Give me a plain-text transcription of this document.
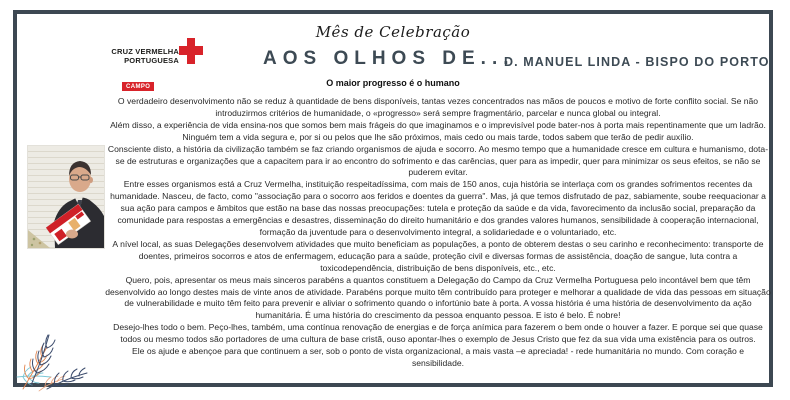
Mês de Celebração
CRUZ VERMELHA
PORTUGUESA
CAMPO
AOS OLHOS DE...
D. MANUEL LINDA - BISPO DO PORTO
O maior progresso é o humano

O verdadeiro desenvolvimento não se reduz à quantidade de bens disponíveis, tantas vezes concentrados nas mãos de poucos e motivo de forte conflito social. Se não introduzirmos critérios de humanidade, o «progresso» será sempre fragmentário, parcelar e nunca global ou integral.

Além disso, a experiência de vida ensina-nos que somos bem mais frágeis do que imaginamos e o imprevisível pode bater-nos à porta mais repentinamente que um ladrão. Ninguém tem a vida segura e, por si ou pelos que lhe são próximos, mais cedo ou mais tarde, todos sabem que terão de pedir auxílio.

Consciente disto, a história da civilização também se faz criando organismos de ajuda e socorro. Ao mesmo tempo que a humanidade cresce em cultura e humanismo, dota-se de estruturas e organizações que a capacitem para ir ao encontro do sofrimento e das carências, quer para as impedir, quer para minimizar os seus efeitos, se não se puderem evitar.

Entre esses organismos está a Cruz Vermelha, instituição respeitadíssima, com mais de 150 anos, cuja história se interlaça com os grandes sofrimentos recentes da humanidade. Nasceu, de facto, como "associação para o socorro aos feridos e doentes da guerra". Mas, já que temos disfrutado de paz, sabiamente, soube reequacionar a sua ação para campos e âmbitos que estão na base das nossas preocupações: tutela e proteção da saúde e da vida, favorecimento da inclusão social, preparação da comunidade para respostas a emergências e desastres, disseminação do direito humanitário e dos grandes valores humanos, sensibilidade à cooperação internacional, formação da juventude para o desenvolvimento integral, a solidariedade e o voluntariado, etc.

A nível local, as suas Delegações desenvolvem atividades que muito beneficiam as populações, a ponto de obterem destas o seu carinho e reconhecimento: transporte de doentes, primeiros socorros e atos de enfermagem, educação para a saúde, proteção civil e diversas formas de assistência, doação de sangue, luta contra a toxicodependência, distribuição de bens disponíveis, etc., etc.

Quero, pois, apresentar os meus mais sinceros parabéns a quantos constituem a Delegação do Campo da Cruz Vermelha Portuguesa pelo incontável bem que têm desenvolvido ao longo destes mais de vinte anos de atividade. Parabéns porque muito têm contribuído para proteger e melhorar a qualidade de vida das pessoas em situação de vulnerabilidade e muito têm feito para prevenir e aliviar o sofrimento quando o infortúnio bate à porta. A vossa história é uma história de desenvolvimento da ação humanitária. É uma história do crescimento da pessoa enquanto pessoa. E isto é belo. É nobre!

Desejo-lhes todo o bem. Peço-lhes, também, uma contínua renovação de energias e de força anímica para fazerem o bem onde o houver a fazer. E porque sei que quase todos ou mesmo todos são portadores de uma cultura de base cristã, ouso apontar-lhes o exemplo de Jesus Cristo que fez da sua vida uma existência para os outros.

Ele os ajude e abençoe para que continuem a ser, sob o ponto de vista organizacional, a mais vasta –e apreciada! - rede humanitária no mundo. Com coração e sensibilidade.
